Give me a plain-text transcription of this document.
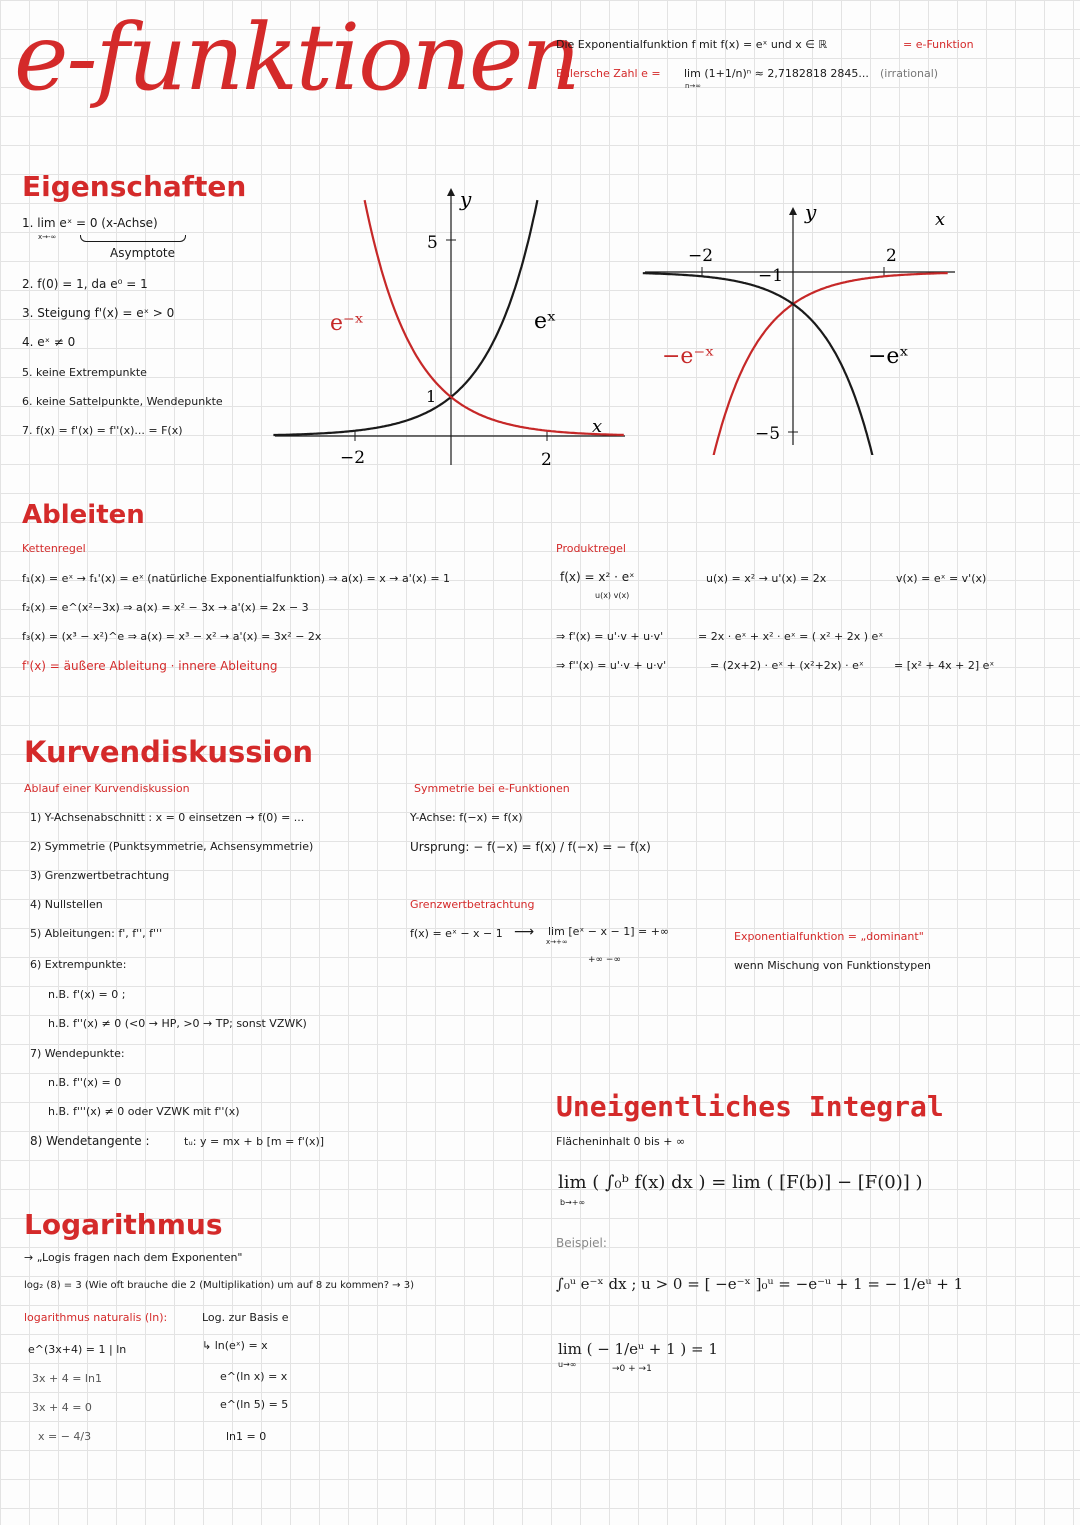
e-funktionen
Die Exponentialfunktion f mit f(x) = eˣ und x ∈ ℝ	= e-Funktion
Eulersche Zahl e = lim (1+1/n)ⁿ ≈ 2,7182818 2845...
n→∞
(irrational)
Eigenschaften
1. lim eˣ = 0 (x-Achse)
x→-∞
Asymptote
2. f(0) = 1, da e⁰ = 1
3. Steigung f'(x) = eˣ > 0
4. eˣ ≠ 0
5. keine Extrempunkte
6. keine Sattelpunkte, Wendepunkte
7. f(x) = f'(x) = f''(x)... = F(x)
y
x
5
1
−2	2
e⁻ˣ	eˣ
y	x
−2	2
−1
−5
−e⁻ˣ	−eˣ
Ableiten
Kettenregel
f₁(x) = eˣ → f₁'(x) = eˣ (natürliche Exponentialfunktion) ⇒ a(x) = x → a'(x) = 1
f₂(x) = e^(x²−3x) ⇒ a(x) = x² − 3x → a'(x) = 2x − 3
f₃(x) = (x³ − x²)^e ⇒ a(x) = x³ − x² → a'(x) = 3x² − 2x
f'(x) = äußere Ableitung · innere Ableitung
Produktregel
f(x) = x² · eˣ
u(x) v(x)
u(x) = x² → u'(x) = 2x	v(x) = eˣ = v'(x)
⇒ f'(x) = u'·v + u·v'	= 2x · eˣ + x² · eˣ = ( x² + 2x ) eˣ
⇒ f''(x) = u'·v + u·v'	= (2x+2) · eˣ + (x²+2x) · eˣ	= [x² + 4x + 2] eˣ
Kurvendiskussion
Ablauf einer Kurvendiskussion
1) Y-Achsenabschnitt : x = 0 einsetzen → f(0) = ...
2) Symmetrie (Punktsymmetrie, Achsensymmetrie)
3) Grenzwertbetrachtung
4) Nullstellen
5) Ableitungen: f', f'', f'''
6) Extrempunkte:
n.B. f'(x) = 0 ;
h.B. f''(x) ≠ 0 (<0 → HP, >0 → TP; sonst VZWK)
7) Wendepunkte:
n.B. f''(x) = 0
h.B. f'''(x) ≠ 0 oder VZWK mit f''(x)
8) Wendetangente :	tᵤ: y = mx + b [m = f'(x)]
Symmetrie bei e-Funktionen
Y-Achse: f(−x) = f(x)
Ursprung: − f(−x) = f(x) / f(−x) = − f(x)
Grenzwertbetrachtung
f(x) = eˣ − x − 1 ⟶ lim [eˣ − x − 1] = +∞
x→+∞
+∞ −∞
Exponentialfunktion = „dominant"
wenn Mischung von Funktionstypen
Uneigentliches Integral
Flächeninhalt 0 bis + ∞
lim ( ∫₀ᵇ f(x) dx ) = lim ( [F(b)] − [F(0)] )
b→+∞
Beispiel:
∫₀ᵘ e⁻ˣ dx ; u > 0 = [ −e⁻ˣ ]₀ᵘ = −e⁻ᵘ + 1 = − 1/eᵘ + 1
lim ( − 1/eᵘ + 1 ) = 1
u→∞	→0 + →1
Logarithmus
→ „Logis fragen nach dem Exponenten"
log₂ (8) = 3 (Wie oft brauche die 2 (Multiplikation) um auf 8 zu kommen? → 3)
logarithmus naturalis (ln):	Log. zur Basis e
↳ ln(eˣ) = x
e^(ln x) = x
e^(ln 5) = 5
ln1 = 0
e^(3x+4) = 1 | ln
3x + 4 = ln1
3x + 4 = 0
x = − 4/3
